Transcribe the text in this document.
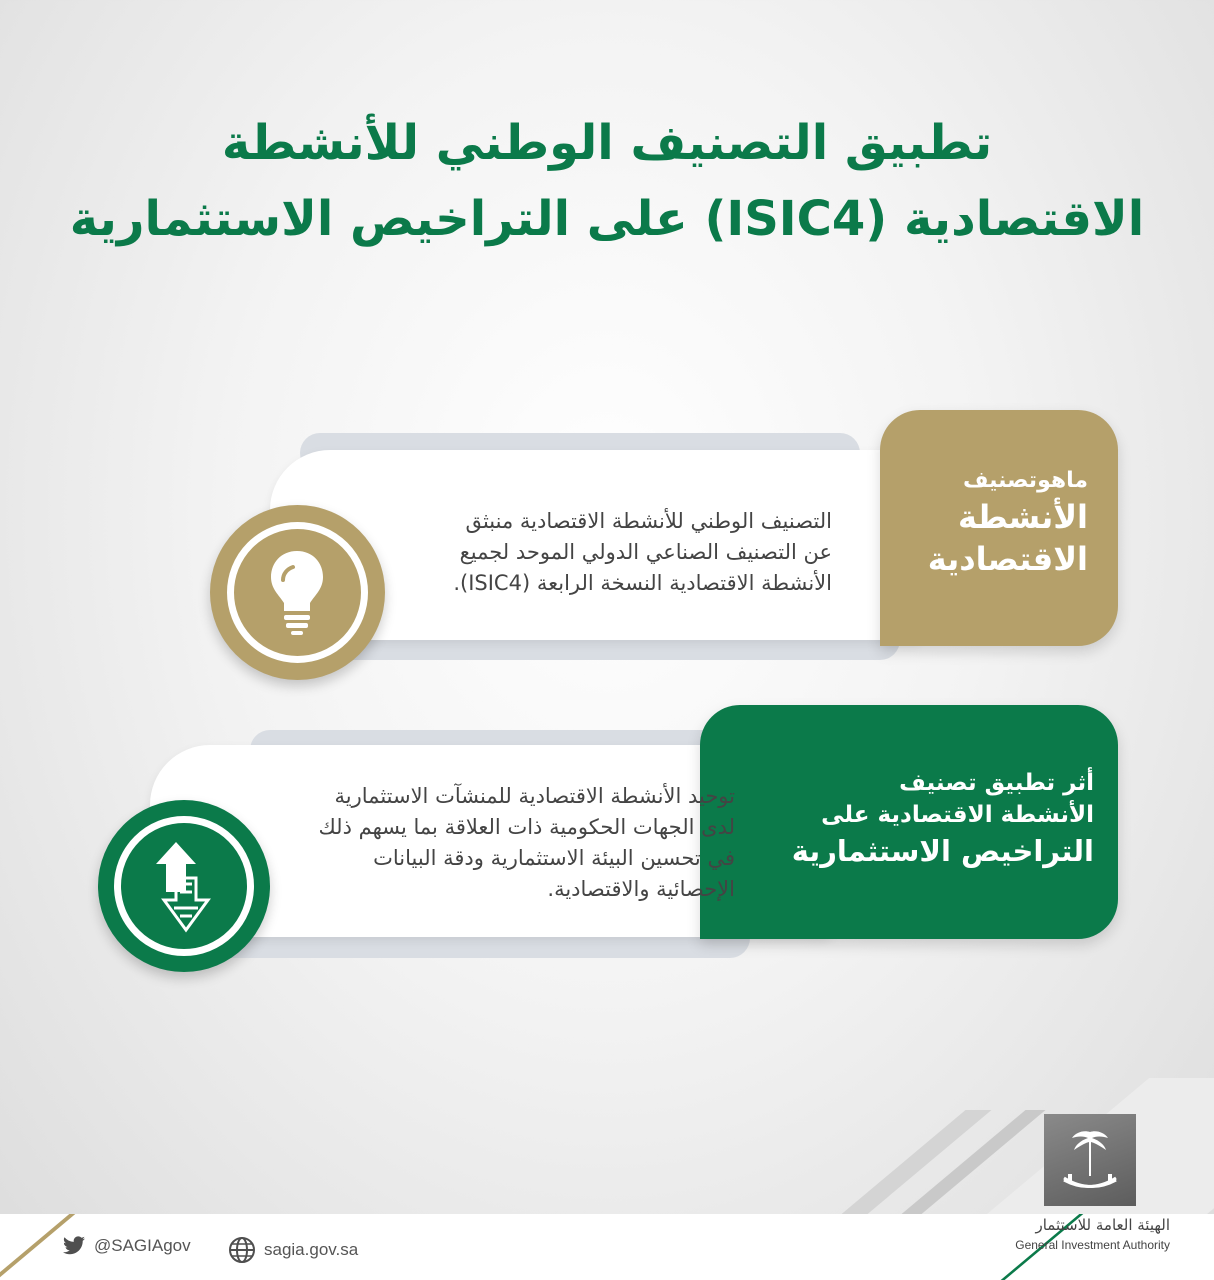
تطبيق التصنيف الوطني للأنشطة
الاقتصادية (ISIC4) على التراخيص الاستثمارية
ماهوتصنيف
الأنشطة
الاقتصادية
التصنيف الوطني للأنشطة الاقتصادية منبثق
عن التصنيف الصناعي الدولي الموحد لجميع
الأنشطة الاقتصادية النسخة الرابعة (ISIC4).
أثر تطبيق تصنيف
الأنشطة الاقتصادية على
التراخيص الاستثمارية
توحيد الأنشطة الاقتصادية للمنشآت الاستثمارية
لدى الجهات الحكومية ذات العلاقة بما يسهم ذلك
في تحسين البيئة الاستثمارية ودقة البيانات
الإحصائية والاقتصادية.
@SAGIAgov	sagia.gov.sa
الهيئة العامة للاستثمار
General Investment Authority
